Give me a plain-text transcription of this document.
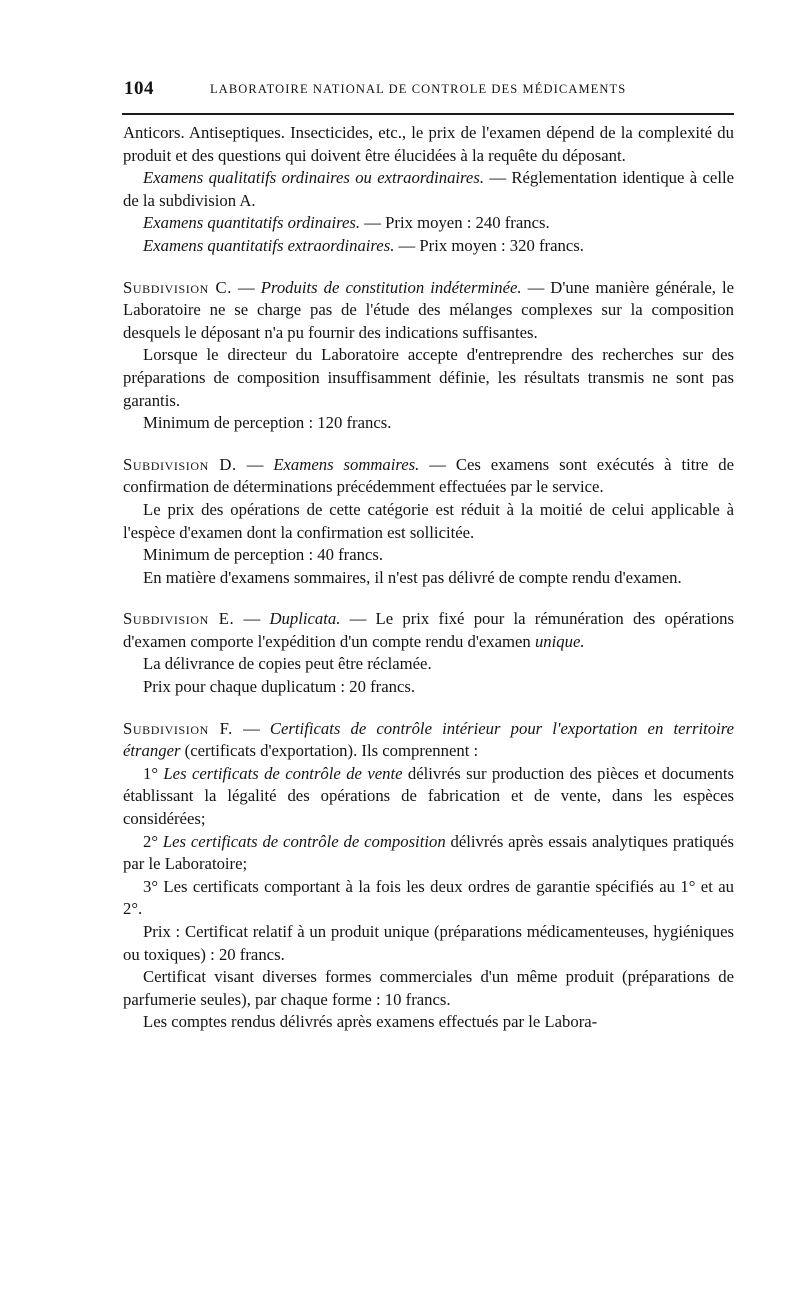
104	LABORATOIRE NATIONAL DE CONTROLE DES MÉDICAMENTS

Anticors. Antiseptiques. Insecticides, etc., le prix de l'examen dépend de la complexité du produit et des questions qui doivent être élucidées à la requête du déposant.

Examens qualitatifs ordinaires ou extraordinaires. — Réglementation identique à celle de la subdivision A.

Examens quantitatifs ordinaires. — Prix moyen : 240 francs.

Examens quantitatifs extraordinaires. — Prix moyen : 320 francs.

Subdivision C. — Produits de constitution indéterminée. — D'une manière générale, le Laboratoire ne se charge pas de l'étude des mélanges complexes sur la composition desquels le déposant n'a pu fournir des indications suffisantes.

Lorsque le directeur du Laboratoire accepte d'entreprendre des recherches sur des préparations de composition insuffisamment définie, les résultats transmis ne sont pas garantis.

Minimum de perception : 120 francs.

Subdivision D. — Examens sommaires. — Ces examens sont exécutés à titre de confirmation de déterminations précédemment effectuées par le service.

Le prix des opérations de cette catégorie est réduit à la moitié de celui applicable à l'espèce d'examen dont la confirmation est sollicitée.

Minimum de perception : 40 francs.

En matière d'examens sommaires, il n'est pas délivré de compte rendu d'examen.

Subdivision E. — Duplicata. — Le prix fixé pour la rémunération des opérations d'examen comporte l'expédition d'un compte rendu d'examen unique.

La délivrance de copies peut être réclamée.

Prix pour chaque duplicatum : 20 francs.

Subdivision F. — Certificats de contrôle intérieur pour l'exportation en territoire étranger (certificats d'exportation). Ils comprennent :

1° Les certificats de contrôle de vente délivrés sur production des pièces et documents établissant la légalité des opérations de fabrication et de vente, dans les espèces considérées;

2° Les certificats de contrôle de composition délivrés après essais analytiques pratiqués par le Laboratoire;

3° Les certificats comportant à la fois les deux ordres de garantie spécifiés au 1° et au 2°.

Prix : Certificat relatif à un produit unique (préparations médicamenteuses, hygiéniques ou toxiques) : 20 francs.

Certificat visant diverses formes commerciales d'un même produit (préparations de parfumerie seules), par chaque forme : 10 francs.

Les comptes rendus délivrés après examens effectués par le Labora-
